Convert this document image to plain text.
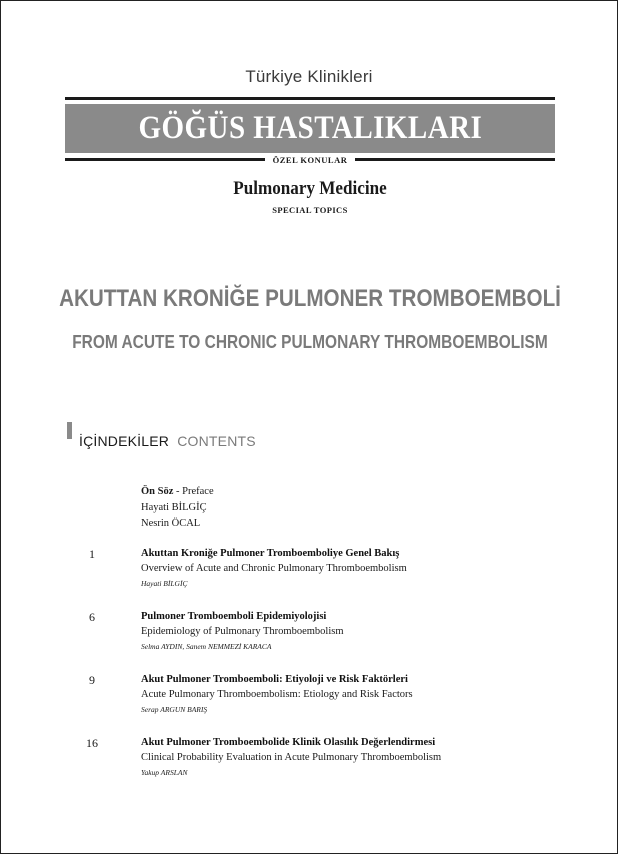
Türkiye Klinikleri
GÖĞÜS HASTALIKLARI
ÖZEL KONULAR
Pulmonary Medicine
SPECIAL TOPICS
AKUTTAN KRONİĞE PULMONER TROMBOEMBOLİ
FROM ACUTE TO CHRONIC PULMONARY THROMBOEMBOLISM
İÇİNDEKİLER CONTENTS
Ön Söz - Preface
Hayati BİLGİÇ
Nesrin ÖCAL
1	Akuttan Kroniğe Pulmoner Tromboemboliye Genel Bakış
Overview of Acute and Chronic Pulmonary Thromboembolism
Hayati BİLGİÇ
6	Pulmoner Tromboemboli Epidemiyolojisi
Epidemiology of Pulmonary Thromboembolism
Selma AYDIN, Sanem NEMMEZİ KARACA
9	Akut Pulmoner Tromboemboli: Etiyoloji ve Risk Faktörleri
Acute Pulmonary Thromboembolism: Etiology and Risk Factors
Serap ARGUN BARIŞ
16	Akut Pulmoner Tromboembolide Klinik Olasılık Değerlendirmesi
Clinical Probability Evaluation in Acute Pulmonary Thromboembolism
Yakup ARSLAN
